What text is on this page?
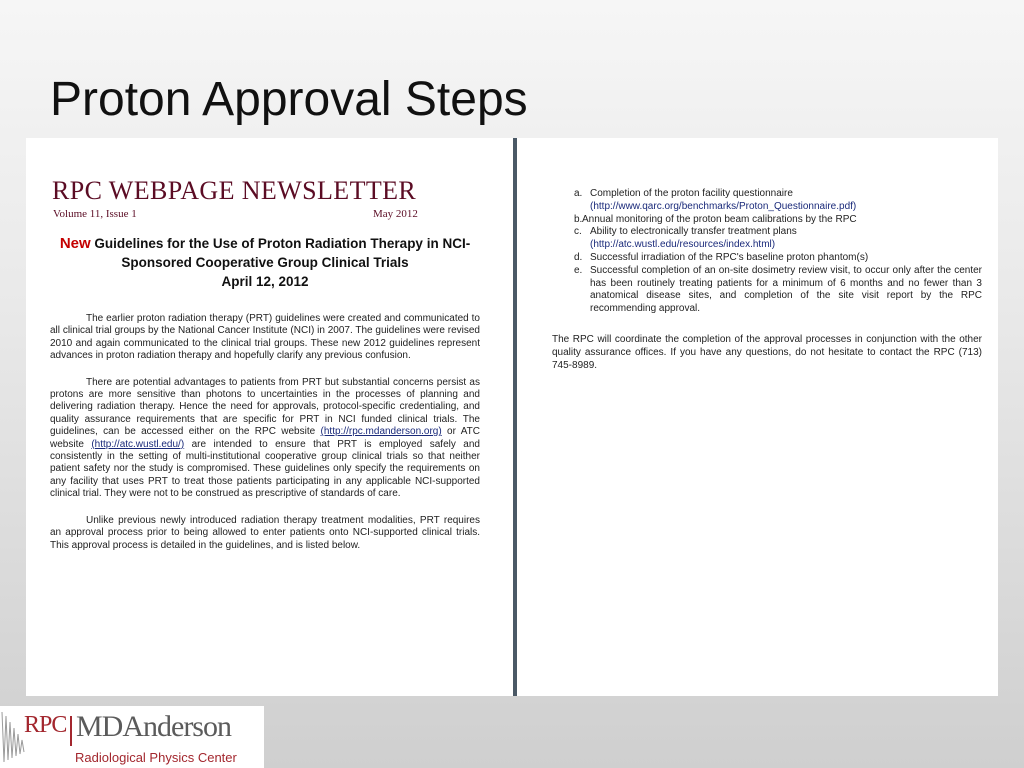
Proton Approval Steps
RPC WEBPAGE NEWSLETTER
Volume 11, Issue 1	May 2012
New Guidelines for the Use of Proton Radiation Therapy in NCI-Sponsored Cooperative Group Clinical Trials
April 12, 2012

The earlier proton radiation therapy (PRT) guidelines were created and communicated to all clinical trial groups by the National Cancer Institute (NCI) in 2007. The guidelines were revised 2010 and again communicated to the clinical trial groups. These new 2012 guidelines represent advances in proton radiation therapy and hopefully clarify any previous confusion.

There are potential advantages to patients from PRT but substantial concerns persist as protons are more sensitive than photons to uncertainties in the processes of planning and delivering radiation therapy. Hence the need for approvals, protocol-specific credentialing, and quality assurance requirements that are specific for PRT in NCI funded clinical trials. The guidelines, can be accessed either on the RPC website (http://rpc.mdanderson.org) or ATC website (http://atc.wustl.edu/) are intended to ensure that PRT is employed safely and consistently in the setting of multi-institutional cooperative group clinical trials so that neither patient safety nor the study is compromised. These guidelines only specify the requirements on any facility that uses PRT to treat those patients participating in any applicable NCI-supported clinical trial. They were not to be construed as prescriptive of standards of care.

Unlike previous newly introduced radiation therapy treatment modalities, PRT requires an approval process prior to being allowed to enter patients onto NCI-supported clinical trials. This approval process is detailed in the guidelines, and is listed below.

a. Completion of the proton facility questionnaire
(http://www.qarc.org/benchmarks/Proton_Questionnaire.pdf)
b. Annual monitoring of the proton beam calibrations by the RPC
c. Ability to electronically transfer treatment plans
(http://atc.wustl.edu/resources/index.html)
d. Successful irradiation of the RPC's baseline proton phantom(s)
e. Successful completion of an on-site dosimetry review visit, to occur only after the center has been routinely treating patients for a minimum of 6 months and no fewer than 3 anatomical disease sites, and completion of the site visit report by the RPC recommending approval.

The RPC will coordinate the completion of the approval processes in conjunction with the other quality assurance offices. If you have any questions, do not hesitate to contact the RPC (713) 745-8989.

RPC MDAnderson
Radiological Physics Center
